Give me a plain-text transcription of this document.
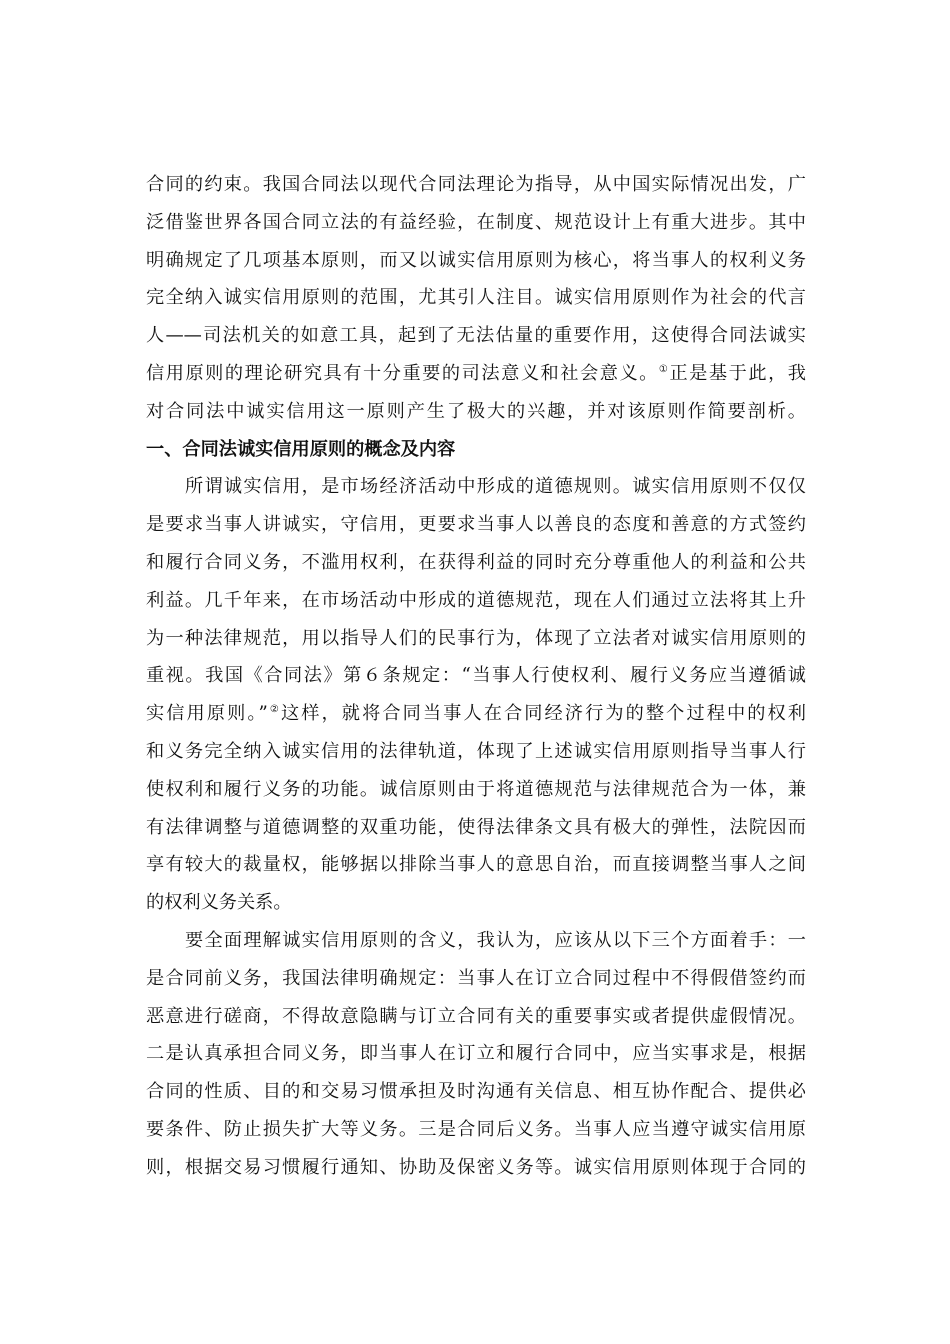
合同的约束。我国合同法以现代合同法理论为指导，从中国实际情况出发，广
泛借鉴世界各国合同立法的有益经验，在制度、规范设计上有重大进步。其中
明确规定了几项基本原则，而又以诚实信用原则为核心，将当事人的权利义务
完全纳入诚实信用原则的范围，尤其引人注目。诚实信用原则作为社会的代言
人——司法机关的如意工具，起到了无法估量的重要作用，这使得合同法诚实
信用原则的理论研究具有十分重要的司法意义和社会意义。①正是基于此，我
对合同法中诚实信用这一原则产生了极大的兴趣，并对该原则作简要剖析。
一、合同法诚实信用原则的概念及内容
所谓诚实信用，是市场经济活动中形成的道德规则。诚实信用原则不仅仅
是要求当事人讲诚实，守信用，更要求当事人以善良的态度和善意的方式签约
和履行合同义务，不滥用权利，在获得利益的同时充分尊重他人的利益和公共
利益。几千年来，在市场活动中形成的道德规范，现在人们通过立法将其上升
为一种法律规范，用以指导人们的民事行为，体现了立法者对诚实信用原则的
重视。我国《合同法》第６条规定：“当事人行使权利、履行义务应当遵循诚
实信用原则。”②这样，就将合同当事人在合同经济行为的整个过程中的权利
和义务完全纳入诚实信用的法律轨道，体现了上述诚实信用原则指导当事人行
使权利和履行义务的功能。诚信原则由于将道德规范与法律规范合为一体，兼
有法律调整与道德调整的双重功能，使得法律条文具有极大的弹性，法院因而
享有较大的裁量权，能够据以排除当事人的意思自治，而直接调整当事人之间
的权利义务关系。
要全面理解诚实信用原则的含义，我认为，应该从以下三个方面着手：一
是合同前义务，我国法律明确规定：当事人在订立合同过程中不得假借签约而
恶意进行磋商，不得故意隐瞒与订立合同有关的重要事实或者提供虚假情况。
二是认真承担合同义务，即当事人在订立和履行合同中，应当实事求是，根据
合同的性质、目的和交易习惯承担及时沟通有关信息、相互协作配合、提供必
要条件、防止损失扩大等义务。三是合同后义务。当事人应当遵守诚实信用原
则，根据交易习惯履行通知、协助及保密义务等。诚实信用原则体现于合同的
